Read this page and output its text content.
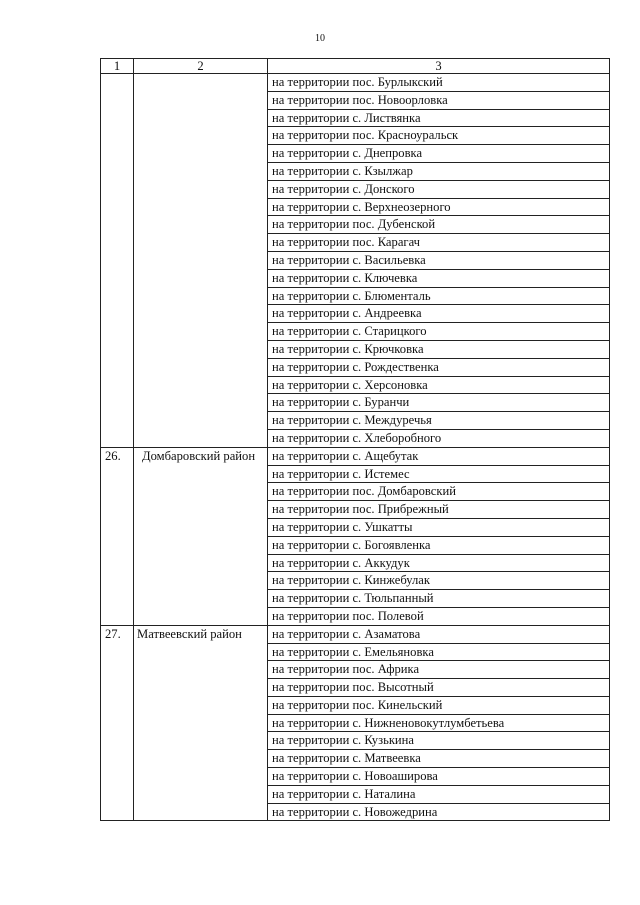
10
1	2	3
		на территории пос. Бурлыкский
		на территории пос. Новоорловка
		на территории с. Листвянка
		на территории пос. Красноуральск
		на территории с. Днепровка
		на территории с. Кзылжар
		на территории с. Донского
		на территории с. Верхнеозерного
		на территории пос. Дубенской
		на территории пос. Карагач
		на территории с. Васильевка
		на территории с. Ключевка
		на территории с. Блюменталь
		на территории с. Андреевка
		на территории с. Старицкого
		на территории с. Крючковка
		на территории с. Рождественка
		на территории с. Херсоновка
		на территории с. Буранчи
		на территории с. Междуречья
		на территории с. Хлеборобного
26.	Домбаровский район	на территории с. Ащебутак
		на территории с. Истемес
		на территории пос. Домбаровский
		на территории пос. Прибрежный
		на территории с. Ушкатты
		на территории с. Богоявленка
		на территории с. Аккудук
		на территории с. Кинжебулак
		на территории с. Тюльпанный
		на территории пос. Полевой
27.	Матвеевский район	на территории с. Азаматова
		на территории с. Емельяновка
		на территории пос. Африка
		на территории пос. Высотный
		на территории пос. Кинельский
		на территории с. Нижненовокутлумбетьева
		на территории с. Кузькина
		на территории с. Матвеевка
		на территории с. Новоаширова
		на территории с. Наталина
		на территории с. Новожедрина
